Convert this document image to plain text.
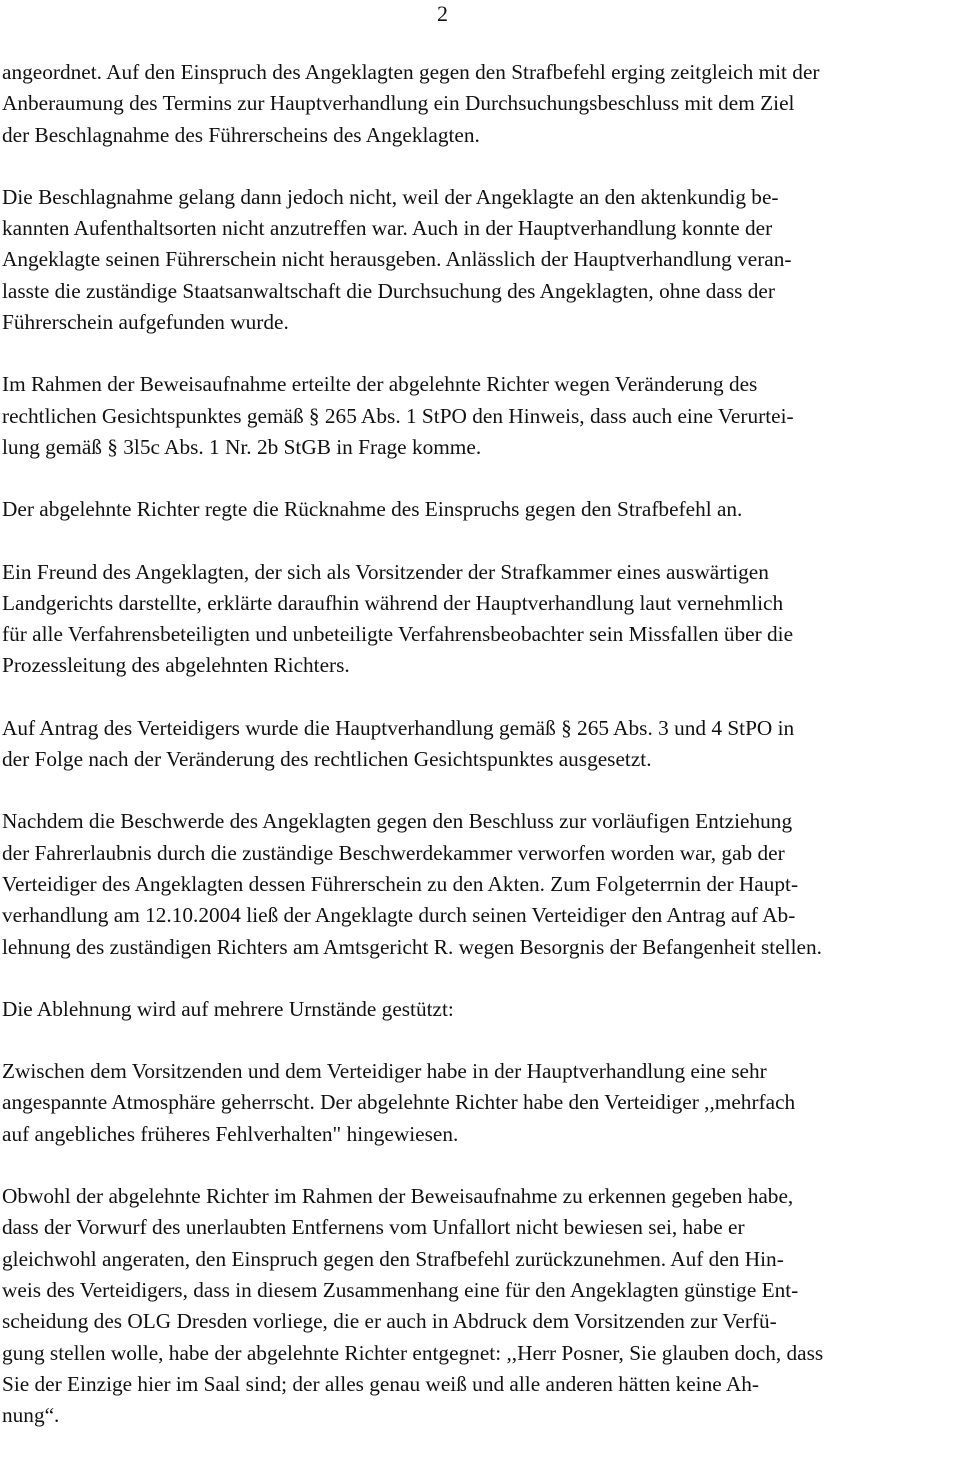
2

angeordnet. Auf den Einspruch des Angeklagten gegen den Strafbefehl erging zeitgleich mit der
Anberaumung des Termins zur Hauptverhandlung ein Durchsuchungsbeschluss mit dem Ziel
der Beschlagnahme des Führerscheins des Angeklagten.

Die Beschlagnahme gelang dann jedoch nicht, weil der Angeklagte an den aktenkundig be-
kannten Aufenthaltsorten nicht anzutreffen war. Auch in der Hauptverhandlung konnte der
Angeklagte seinen Führerschein nicht herausgeben. Anlässlich der Hauptverhandlung veran-
lasste die zuständige Staatsanwaltschaft die Durchsuchung des Angeklagten, ohne dass der
Führerschein aufgefunden wurde.

Im Rahmen der Beweisaufnahme erteilte der abgelehnte Richter wegen Veränderung des
rechtlichen Gesichtspunktes gemäß § 265 Abs. 1 StPO den Hinweis, dass auch eine Verurtei-
lung gemäß § 3l5c Abs. 1 Nr. 2b StGB in Frage komme.

Der abgelehnte Richter regte die Rücknahme des Einspruchs gegen den Strafbefehl an.

Ein Freund des Angeklagten, der sich als Vorsitzender der Strafkammer eines auswärtigen
Landgerichts darstellte, erklärte daraufhin während der Hauptverhandlung laut vernehmlich
für alle Verfahrensbeteiligten und unbeteiligte Verfahrensbeobachter sein Missfallen über die
Prozessleitung des abgelehnten Richters.

Auf Antrag des Verteidigers wurde die Hauptverhandlung gemäß § 265 Abs. 3 und 4 StPO in
der Folge nach der Veränderung des rechtlichen Gesichtspunktes ausgesetzt.

Nachdem die Beschwerde des Angeklagten gegen den Beschluss zur vorläufigen Entziehung
der Fahrerlaubnis durch die zuständige Beschwerdekammer verworfen worden war, gab der
Verteidiger des Angeklagten dessen Führerschein zu den Akten. Zum Folgeterrnin der Haupt-
verhandlung am 12.10.2004 ließ der Angeklagte durch seinen Verteidiger den Antrag auf Ab-
lehnung des zuständigen Richters am Amtsgericht R. wegen Besorgnis der Befangenheit stellen.

Die Ablehnung wird auf mehrere Urnstände gestützt:

Zwischen dem Vorsitzenden und dem Verteidiger habe in der Hauptverhandlung eine sehr
angespannte Atmosphäre geherrscht. Der abgelehnte Richter habe den Verteidiger ,,mehrfach
auf angebliches früheres Fehlverhalten" hingewiesen.

Obwohl der abgelehnte Richter im Rahmen der Beweisaufnahme zu erkennen gegeben habe,
dass der Vorwurf des unerlaubten Entfernens vom Unfallort nicht bewiesen sei, habe er
gleichwohl angeraten, den Einspruch gegen den Strafbefehl zurückzunehmen. Auf den Hin-
weis des Verteidigers, dass in diesem Zusammenhang eine für den Angeklagten günstige Ent-
scheidung des OLG Dresden vorliege, die er auch in Abdruck dem Vorsitzenden zur Verfü-
gung stellen wolle, habe der abgelehnte Richter entgegnet: ,,Herr Posner, Sie glauben doch, dass
Sie der Einzige hier im Saal sind; der alles genau weiß und alle anderen hätten keine Ah-
nung“.
